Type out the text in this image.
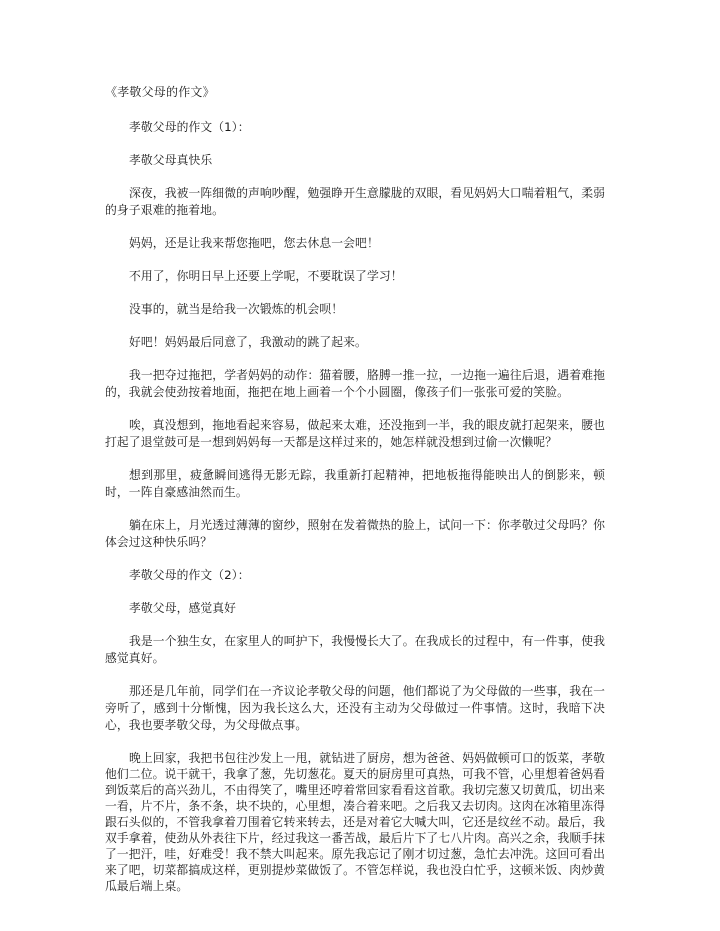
《孝敬父母的作文》

孝敬父母的作文（1）：

孝敬父母真快乐

深夜，我被一阵细微的声响吵醒，勉强睁开生意朦胧的双眼，看见妈妈大口喘着粗气，柔弱的身子艰难的拖着地。

妈妈，还是让我来帮您拖吧，您去休息一会吧！

不用了，你明日早上还要上学呢，不要耽误了学习！

没事的，就当是给我一次锻炼的机会呗！

好吧！妈妈最后同意了，我激动的跳了起来。

我一把夺过拖把，学者妈妈的动作：猫着腰，胳膊一推一拉，一边拖一遍往后退，遇着难拖的，我就会使劲按着地面，拖把在地上画着一个个小圆圈，像孩子们一张张可爱的笑脸。

唉，真没想到，拖地看起来容易，做起来太难，还没拖到一半，我的眼皮就打起架来，腰也打起了退堂鼓可是一想到妈妈每一天都是这样过来的，她怎样就没想到过偷一次懒呢？

想到那里，疲惫瞬间逃得无影无踪，我重新打起精神，把地板拖得能映出人的倒影来，顿时，一阵自豪感油然而生。

躺在床上，月光透过薄薄的窗纱，照射在发着微热的脸上，试问一下：你孝敬过父母吗？你体会过这种快乐吗？

孝敬父母的作文（2）：

孝敬父母，感觉真好

我是一个独生女，在家里人的呵护下，我慢慢长大了。在我成长的过程中，有一件事，使我感觉真好。

那还是几年前，同学们在一齐议论孝敬父母的问题，他们都说了为父母做的一些事，我在一旁听了，感到十分惭愧，因为我长这么大，还没有主动为父母做过一件事情。这时，我暗下决心，我也要孝敬父母，为父母做点事。

晚上回家，我把书包往沙发上一甩，就钻进了厨房，想为爸爸、妈妈做顿可口的饭菜，孝敬他们二位。说干就干，我拿了葱，先切葱花。夏天的厨房里可真热，可我不管，心里想着爸妈看到饭菜后的高兴劲儿，不由得笑了，嘴里还哼着常回家看看这首歌。我切完葱又切黄瓜，切出来一看，片不片，条不条，块不块的，心里想，凑合着来吧。之后我又去切肉。这肉在冰箱里冻得跟石头似的，不管我拿着刀围着它转来转去，还是对着它大喊大叫，它还是纹丝不动。最后，我双手拿着，使劲从外表往下片，经过我这一番苦战，最后片下了七八片肉。高兴之余，我顺手抹了一把汗，哇，好难受！我不禁大叫起来。原先我忘记了刚才切过葱，急忙去冲洗。这回可看出来了吧，切菜都搞成这样，更别提炒菜做饭了。不管怎样说，我也没白忙乎，这顿米饭、肉炒黄瓜最后端上桌。
